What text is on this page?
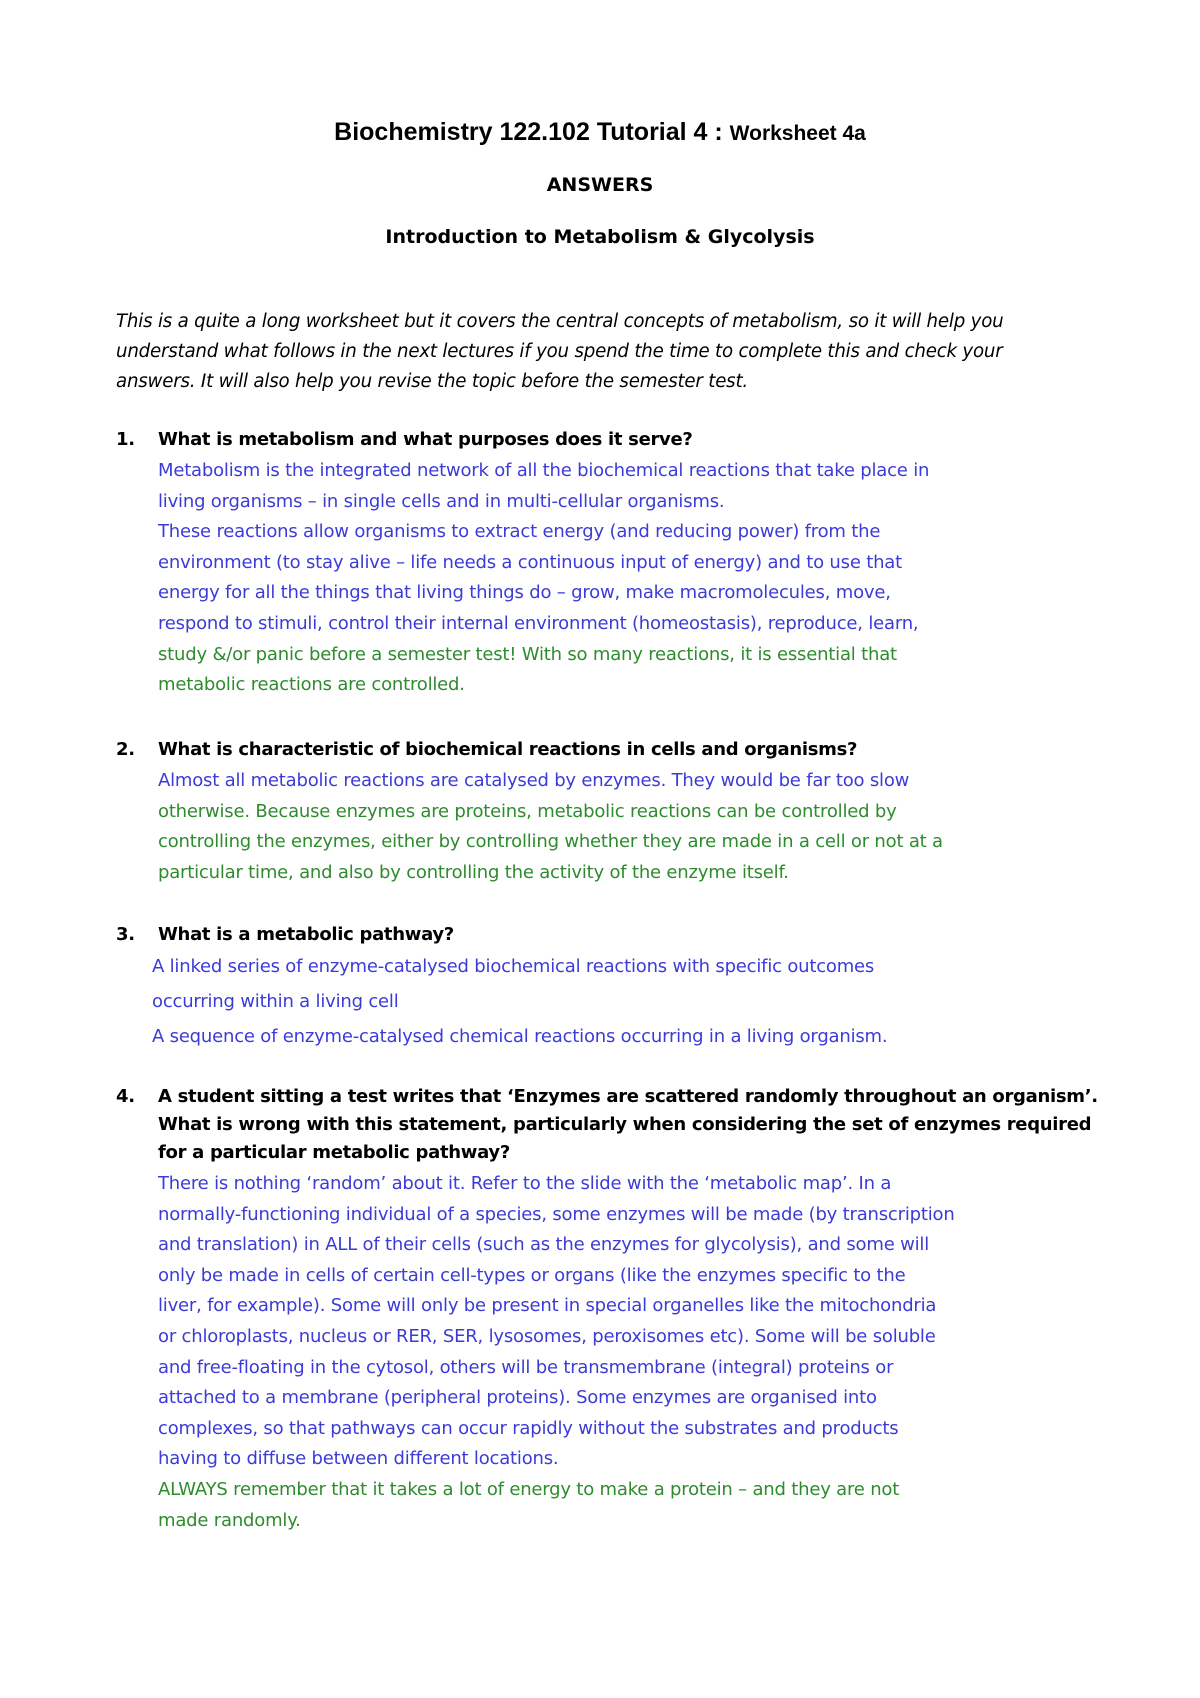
Biochemistry 122.102 Tutorial 4 : Worksheet 4a
ANSWERS
Introduction to Metabolism & Glycolysis
This is a quite a long worksheet but it covers the central concepts of metabolism, so it will help you
understand what follows in the next lectures if you spend the time to complete this and check your
answers. It will also help you revise the topic before the semester test.
1. What is metabolism and what purposes does it serve?
Metabolism is the integrated network of all the biochemical reactions that take place in
living organisms – in single cells and in multi-cellular organisms.
These reactions allow organisms to extract energy (and reducing power) from the
environment (to stay alive – life needs a continuous input of energy) and to use that
energy for all the things that living things do – grow, make macromolecules, move,
respond to stimuli, control their internal environment (homeostasis), reproduce, learn,
study &/or panic before a semester test! With so many reactions, it is essential that
metabolic reactions are controlled.
2. What is characteristic of biochemical reactions in cells and organisms?
Almost all metabolic reactions are catalysed by enzymes. They would be far too slow
otherwise. Because enzymes are proteins, metabolic reactions can be controlled by
controlling the enzymes, either by controlling whether they are made in a cell or not at a
particular time, and also by controlling the activity of the enzyme itself.
3. What is a metabolic pathway?
A linked series of enzyme-catalysed biochemical reactions with specific outcomes
occurring within a living cell
A sequence of enzyme-catalysed chemical reactions occurring in a living organism.
4. A student sitting a test writes that ‘Enzymes are scattered randomly throughout an organism’.
What is wrong with this statement, particularly when considering the set of enzymes required
for a particular metabolic pathway?
There is nothing ‘random’ about it. Refer to the slide with the ‘metabolic map’. In a
normally-functioning individual of a species, some enzymes will be made (by transcription
and translation) in ALL of their cells (such as the enzymes for glycolysis), and some will
only be made in cells of certain cell-types or organs (like the enzymes specific to the
liver, for example). Some will only be present in special organelles like the mitochondria
or chloroplasts, nucleus or RER, SER, lysosomes, peroxisomes etc). Some will be soluble
and free-floating in the cytosol, others will be transmembrane (integral) proteins or
attached to a membrane (peripheral proteins). Some enzymes are organised into
complexes, so that pathways can occur rapidly without the substrates and products
having to diffuse between different locations.
ALWAYS remember that it takes a lot of energy to make a protein – and they are not
made randomly.
